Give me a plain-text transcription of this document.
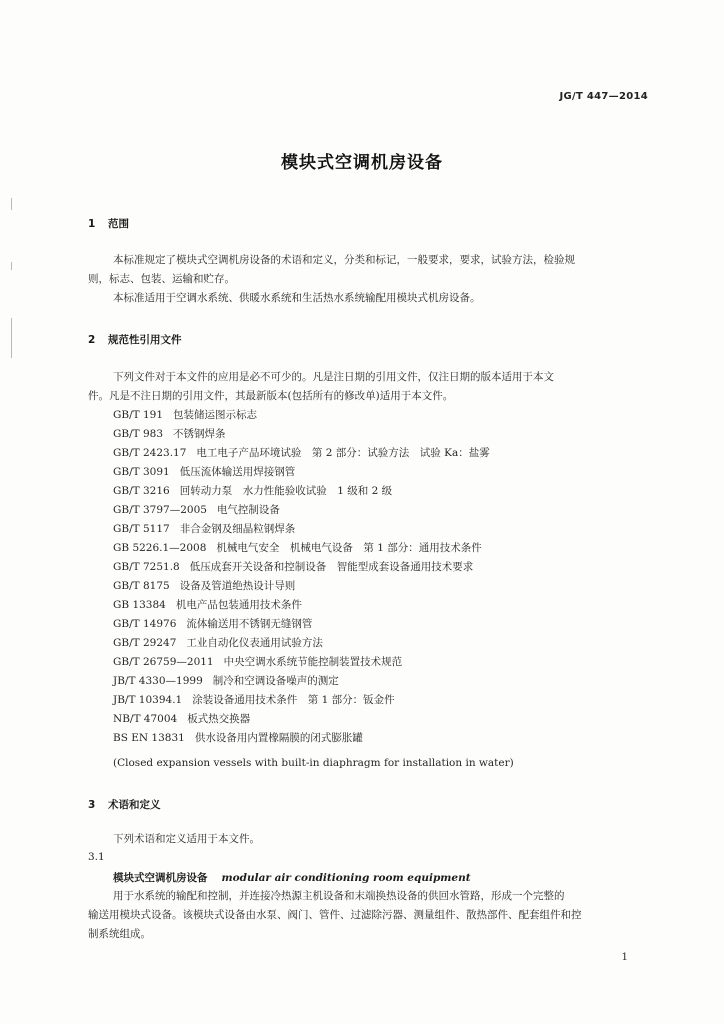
JG/T 447—2014
模块式空调机房设备
1 范围
本标准规定了模块式空调机房设备的术语和定义，分类和标记，一般要求，要求，试验方法，检验规
则，标志、包装、运输和贮存。
本标准适用于空调水系统、供暖水系统和生活热水系统输配用模块式机房设备。
2 规范性引用文件
下列文件对于本文件的应用是必不可少的。凡是注日期的引用文件，仅注日期的版本适用于本文
件。凡是不注日期的引用文件，其最新版本(包括所有的修改单)适用于本文件。
GB/T 191 包装储运图示标志
GB/T 983 不锈钢焊条
GB/T 2423.17 电工电子产品环境试验　第 2 部分：试验方法　试验 Ka：盐雾
GB/T 3091 低压流体输送用焊接钢管
GB/T 3216 回转动力泵　水力性能验收试验　1 级和 2 级
GB/T 3797—2005 电气控制设备
GB/T 5117 非合金钢及细晶粒钢焊条
GB 5226.1—2008 机械电气安全　机械电气设备　第 1 部分：通用技术条件
GB/T 7251.8 低压成套开关设备和控制设备　智能型成套设备通用技术要求
GB/T 8175 设备及管道绝热设计导则
GB 13384 机电产品包装通用技术条件
GB/T 14976 流体输送用不锈钢无缝钢管
GB/T 29247 工业自动化仪表通用试验方法
GB/T 26759—2011 中央空调水系统节能控制装置技术规范
JB/T 4330—1999 制冷和空调设备噪声的测定
JB/T 10394.1 涂装设备通用技术条件　第 1 部分：钣金件
NB/T 47004 板式热交换器
BS EN 13831 供水设备用内置橡隔膜的闭式膨胀罐
(Closed expansion vessels with built-in diaphragm for installation in water)
3 术语和定义
下列术语和定义适用于本文件。
3.1
模块式空调机房设备 modular air conditioning room equipment
用于水系统的输配和控制，并连接冷热源主机设备和末端换热设备的供回水管路，形成一个完整的
输送用模块式设备。该模块式设备由水泵、阀门、管件、过滤除污器、测量组件、散热部件、配套组件和控
制系统组成。
1
